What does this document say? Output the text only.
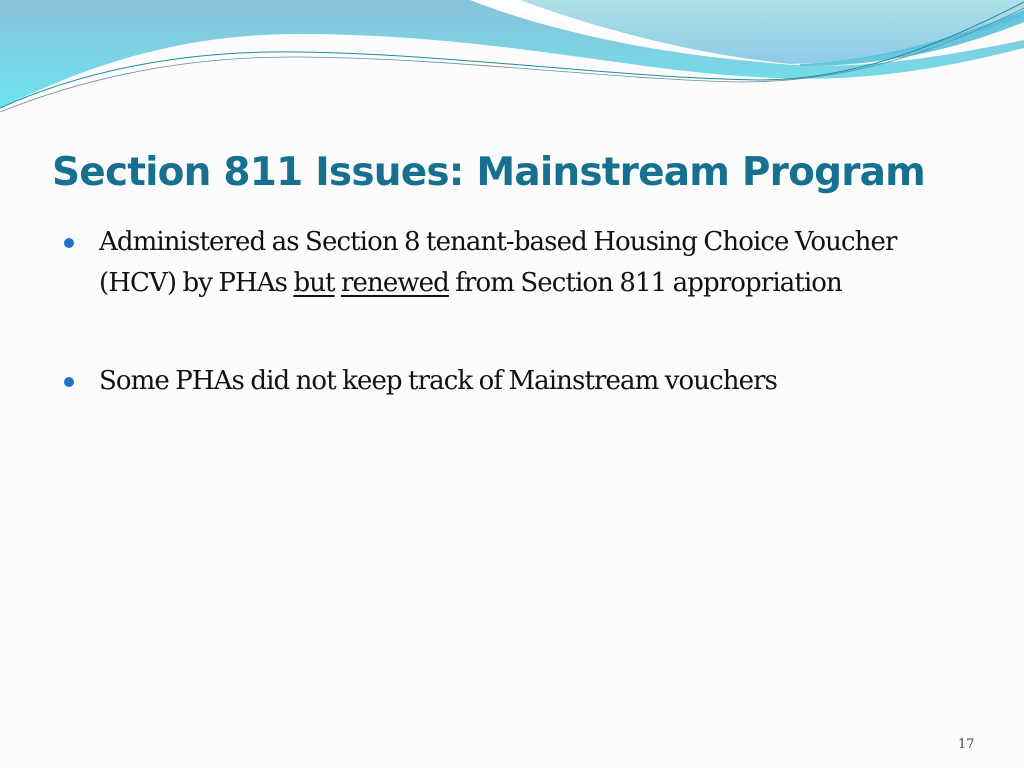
Section 811 Issues: Mainstream Program
Administered as Section 8 tenant-based Housing Choice Voucher (HCV) by PHAs but renewed from Section 811 appropriation
Some PHAs did not keep track of Mainstream vouchers
17
